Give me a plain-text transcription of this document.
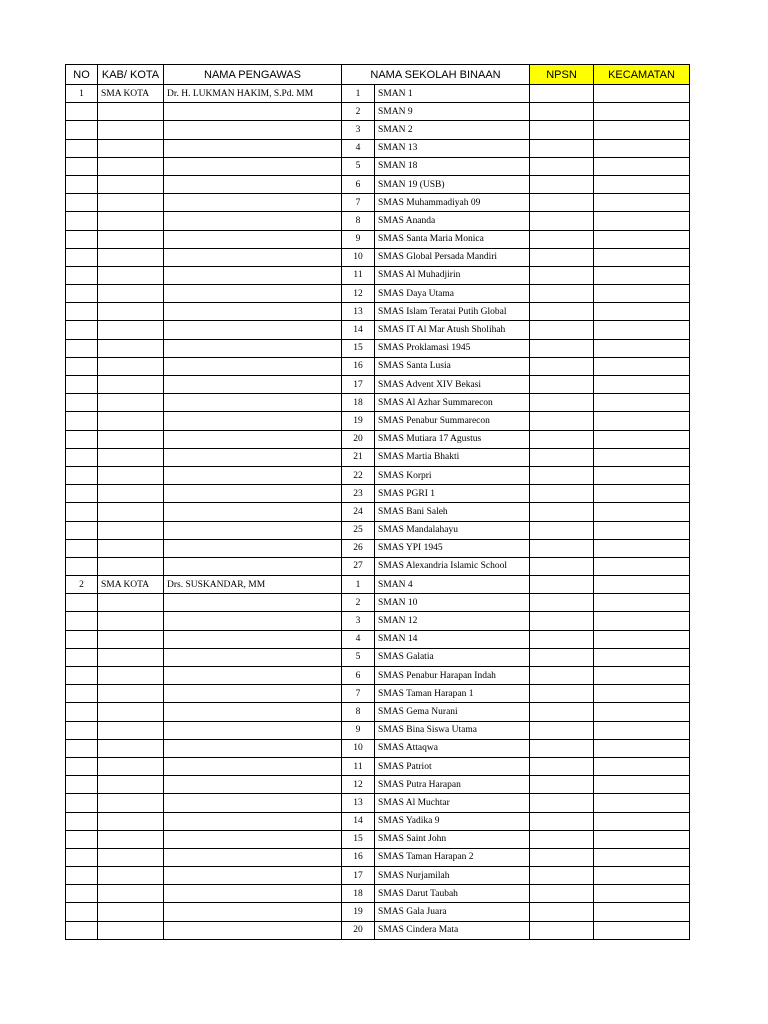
NO	KAB/ KOTA	NAMA PENGAWAS	NAMA SEKOLAH BINAAN		NPSN	KECAMATAN
1	SMA KOTA	Dr. H. LUKMAN HAKIM, S.Pd. MM	1	SMAN 1		
			2	SMAN 9		
			3	SMAN 2		
			4	SMAN 13		
			5	SMAN 18		
			6	SMAN 19 (USB)		
			7	SMAS Muhammadiyah 09		
			8	SMAS Ananda		
			9	SMAS Santa Maria Monica		
			10	SMAS Global Persada Mandiri		
			11	SMAS Al Muhadjirin		
			12	SMAS Daya Utama		
			13	SMAS Islam Teratai Putih Global		
			14	SMAS IT Al Mar Atush Sholihah		
			15	SMAS Proklamasi 1945		
			16	SMAS Santa Lusia		
			17	SMAS Advent XIV Bekasi		
			18	SMAS Al Azhar Summarecon		
			19	SMAS Penabur Summarecon		
			20	SMAS Mutiara 17 Agustus		
			21	SMAS Martia Bhakti		
			22	SMAS Korpri		
			23	SMAS PGRI 1		
			24	SMAS Bani Saleh		
			25	SMAS Mandalahayu		
			26	SMAS YPI 1945		
			27	SMAS Alexandria Islamic School		
2	SMA KOTA	Drs. SUSKANDAR, MM	1	SMAN 4		
			2	SMAN 10		
			3	SMAN 12		
			4	SMAN 14		
			5	SMAS Galatia		
			6	SMAS Penabur Harapan Indah		
			7	SMAS Taman Harapan 1		
			8	SMAS Gema Nurani		
			9	SMAS Bina Siswa Utama		
			10	SMAS Attaqwa		
			11	SMAS Patriot		
			12	SMAS Putra Harapan		
			13	SMAS Al Muchtar		
			14	SMAS Yadika 9		
			15	SMAS Saint John		
			16	SMAS Taman Harapan 2		
			17	SMAS Nurjamilah		
			18	SMAS Darut Taubah		
			19	SMAS Gala Juara		
			20	SMAS Cindera Mata		
